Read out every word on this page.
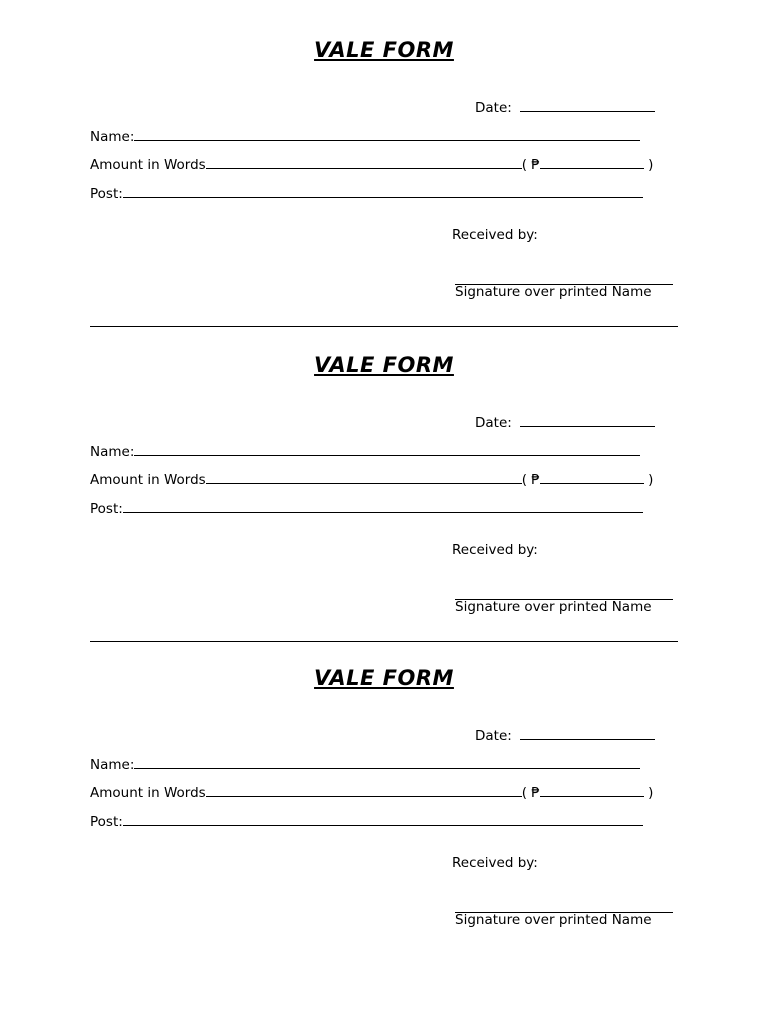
VALE FORM
Date:
Name:
Amount in Words	( ₱	)
Post:
Received by:
Signature over printed Name
VALE FORM
Date:
Name:
Amount in Words	( ₱	)
Post:
Received by:
Signature over printed Name
VALE FORM
Date:
Name:
Amount in Words	( ₱	)
Post:
Received by:
Signature over printed Name
